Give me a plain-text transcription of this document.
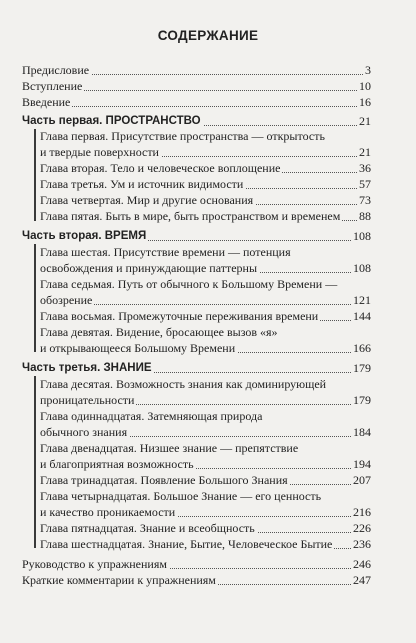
СОДЕРЖАНИЕ
Предисловие	3
Вступление	10
Введение	16
Часть первая. ПРОСТРАНСТВО	21
Глава первая. Присутствие пространства — открытость
и твердые поверхности	21
Глава вторая. Тело и человеческое воплощение	36
Глава третья. Ум и источник видимости	57
Глава четвертая. Мир и другие основания	73
Глава пятая. Быть в мире, быть пространством и временем 88
Часть вторая. ВРЕМЯ	108
Глава шестая. Присутствие времени — потенция
освобождения и принуждающие паттерны	108
Глава седьмая. Путь от обычного к Большому Времени —
обозрение	121
Глава восьмая. Промежуточные переживания времени	144
Глава девятая. Видение, бросающее вызов «я»
и открывающееся Большому Времени	166
Часть третья. ЗНАНИЕ	179
Глава десятая. Возможность знания как доминирующей
проницательности	179
Глава одиннадцатая. Затемняющая природа
обычного знания	184
Глава двенадцатая. Низшее знание — препятствие
и благоприятная возможность	194
Глава тринадцатая. Появление Большого Знания	207
Глава четырнадцатая. Большое Знание — его ценность
и качество проникаемости	216
Глава пятнадцатая. Знание и всеобщность	226
Глава шестнадцатая. Знание, Бытие, Человеческое Бытие 236
Руководство к упражнениям	246
Краткие комментарии к упражнениям	247
